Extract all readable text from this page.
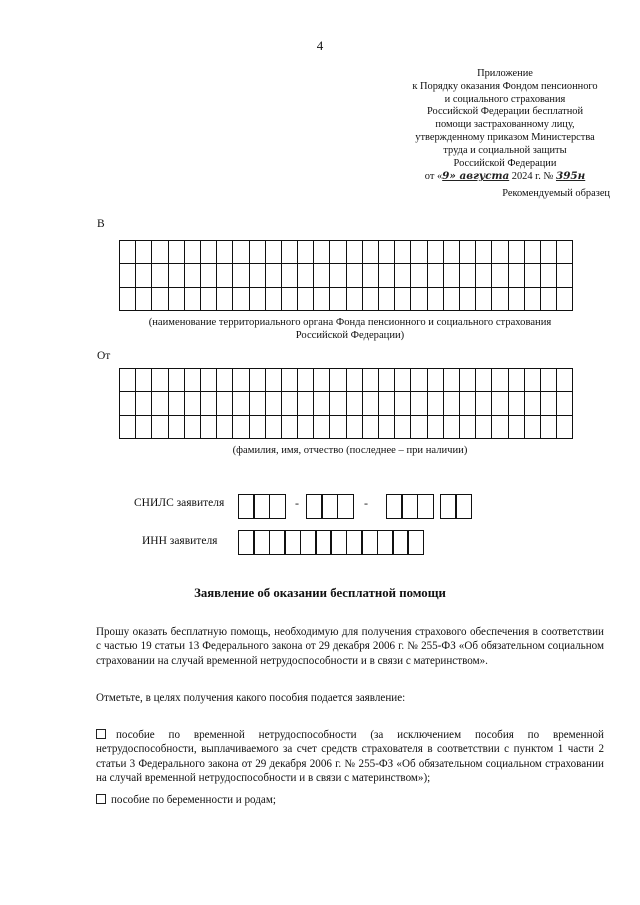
4
Приложение
к Порядку оказания Фондом пенсионного
и социального страхования
Российской Федерации бесплатной
помощи застрахованному лицу,
утвержденному приказом Министерства
труда и социальной защиты
Российской Федерации
от «9» августа 2024 г. № 395н
Рекомендуемый образец
В

(наименование территориального органа Фонда пенсионного и социального страхования
Российской Федерации)
От

(фамилия, имя, отчество (последнее – при наличии)
СНИЛС заявителя	-	-
ИНН заявителя
Заявление об оказании бесплатной помощи
Прошу оказать бесплатную помощь, необходимую для получения страхового обеспечения в соответствии с частью 19 статьи 13 Федерального закона от 29 декабря 2006 г. № 255-ФЗ «Об обязательном социальном страховании на случай временной нетрудоспособности и в связи с материнством».
Отметьте, в целях получения какого пособия подается заявление:
пособие по временной нетрудоспособности (за исключением пособия по временной нетрудоспособности, выплачиваемого за счет средств страхователя в соответствии с пунктом 1 части 2 статьи 3 Федерального закона от 29 декабря 2006 г. № 255-ФЗ «Об обязательном социальном страховании на случай временной нетрудоспособности и в связи с материнством»);
пособие по беременности и родам;
